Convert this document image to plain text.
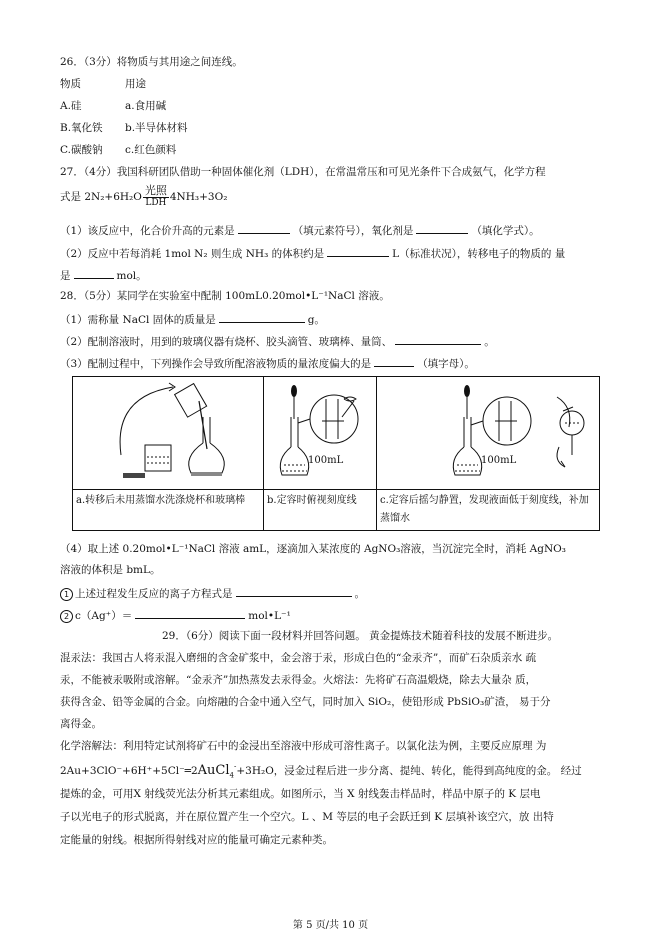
26．（3分）将物质与其用途之间连线。
物质	用途
A.硅	a.食用碱
B.氧化铁 b.半导体材料
C.碳酸钠 c.红色颜料
27．（4分）我国科研团队借助一种固体催化剂（LDH），在常温常压和可见光条件下合成氨气，化学方程
式是 $2N_2+6H_2O \frac{\text{光照}}{\text{LDH}} 4NH_3+3O_2$
（1）该反应中，化合价升高的元素是	（填元素符号），氧化剂是	（填化学式）。
（2）反应中若每消耗 1mol N₂ 则生成 NH₃ 的体积约是	L（标准状况），转移电子的物质的 量
是	mol。
28．（5分）某同学在实验室中配制 100mL0.20mol•L⁻¹NaCl 溶液。
（1）需称量 NaCl 固体的质量是	g。
（2）配制溶液时，用到的玻璃仪器有烧杯、胶头滴管、玻璃棒、量筒、	。
（3）配制过程中，下列操作会导致所配溶液物质的量浓度偏大的是	（填字母）。

100mL	100mL

a.转移后未用蒸馏水洗涤烧杯和玻璃棒	b.定容时俯视刻度线	c.定容后摇匀静置，发现液面低于刻度线，补加蒸馏水
（4）取上述 0.20mol•L⁻¹NaCl 溶液 amL，逐滴加入某浓度的 AgNO₃溶液，当沉淀完全时，消耗 AgNO₃
溶液的体积是 bmL。
1 上述过程发生反应的离子方程式是	。
2 c（Ag⁺）＝	mol•L⁻¹
29．（6分）阅读下面一段材料并回答问题。 黄金提炼技术随着科技的发展不断进步。
混汞法：我国古人将汞混入磨细的含金矿浆中，金会溶于汞，形成白色的“金汞齐”，而矿石杂质亲水 疏
汞，不能被汞吸附或溶解。“金汞齐”加热蒸发去汞得金。火熔法：先将矿石高温煅烧，除去大量杂 质，
获得含金、铅等金属的合金。向熔融的合金中通入空气，同时加入 SiO₂，使铅形成 PbSiO₃矿渣， 易于分
离得金。
化学溶解法：利用特定试剂将矿石中的金浸出至溶液中形成可溶性离子。以氯化法为例，主要反应原理 为
2Au+3ClO⁻+6H⁺+5Cl⁻═2AuCl$_4$-+3H₂O，浸金过程后进一步分离、提纯、转化，能得到高纯度的金。 经过
提炼的金，可用X 射线荧光法分析其元素组成。如图所示，当 X 射线轰击样品时，样品中原子的 K 层电
子以光电子的形式脱离，并在原位置产生一个空穴。L 、M 等层的电子会跃迁到 K 层填补该空穴，放 出特
定能量的射线。根据所得射线对应的能量可确定元素种类。
第 5 页/共 10 页
